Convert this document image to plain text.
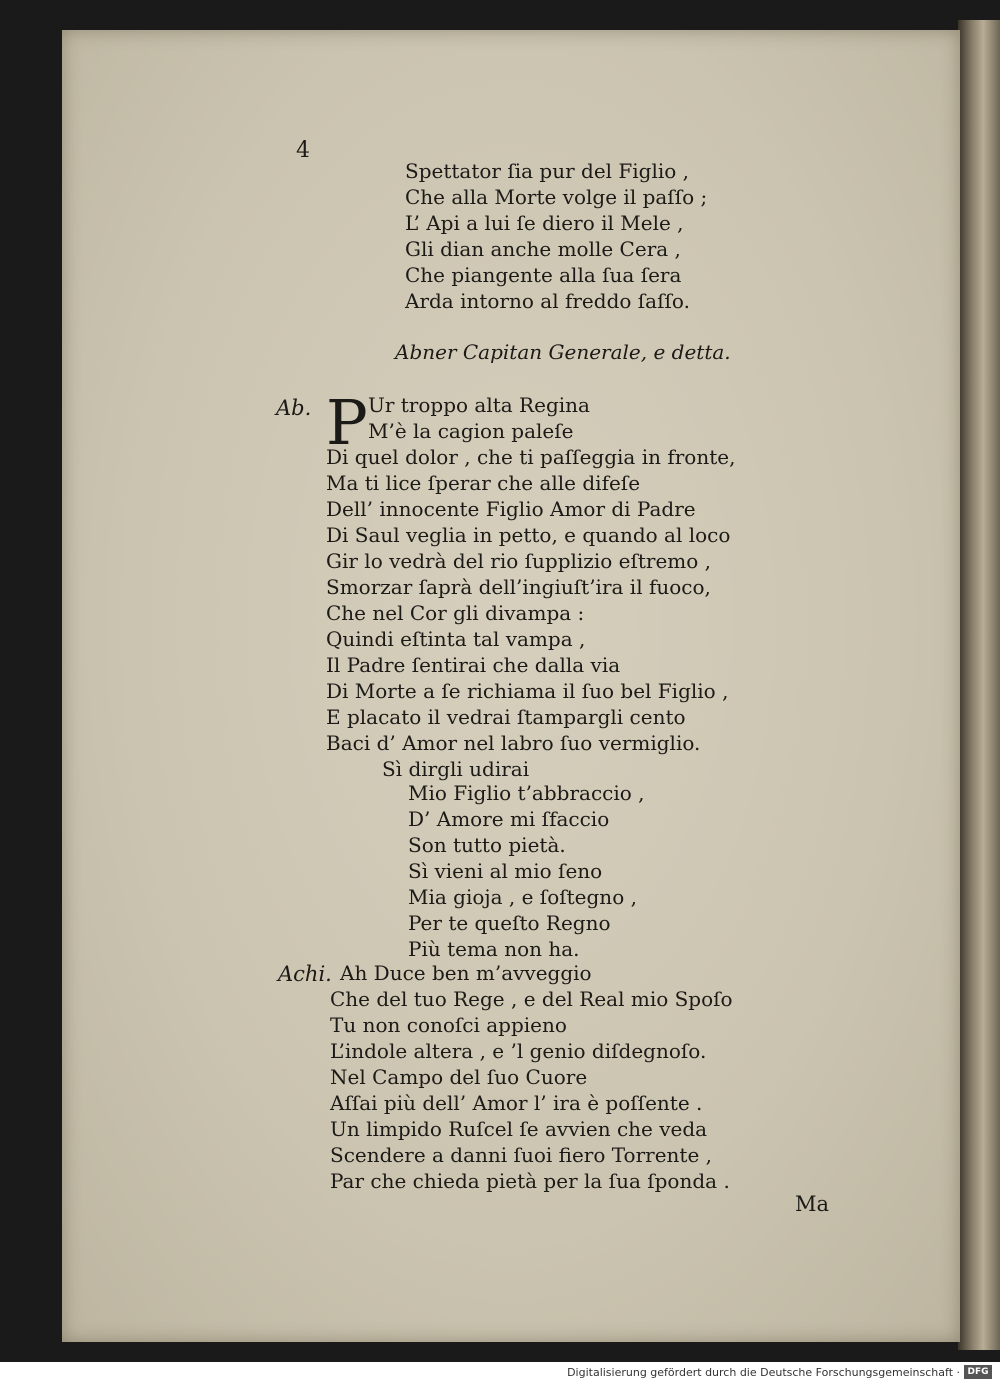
4
Spettator ſia pur del Figlio ,
Che alla Morte volge il paſſo ;
L’ Api a lui ſe diero il Mele ,
Gli dian anche molle Cera ,
Che piangente alla ſua ſera
Arda intorno al freddo ſaſſo.
Abner Capitan Generale, e detta.
Ab. P Ur troppo alta Regina
M’è la cagion paleſe
Di quel dolor , che ti paſſeggia in fronte,
Ma ti lice ſperar che alle difeſe
Dell’ innocente Figlio Amor di Padre
Di Saul veglia in petto, e quando al loco
Gir lo vedrà del rio ſupplizio eſtremo ,
Smorzar ſaprà dell’ingiuſt’ira il fuoco,
Che nel Cor gli divampa :
Quindi eſtinta tal vampa ,
Il Padre ſentirai che dalla via
Di Morte a ſe richiama il ſuo bel Figlio ,
E placato il vedrai ſtampargli cento
Baci d’ Amor nel labro ſuo vermiglio.
Sì dirgli udirai
Mio Figlio t’abbraccio ,
D’ Amore mi ſfaccio
Son tutto pietà.
Sì vieni al mio ſeno
Mia gioja , e ſoſtegno ,
Per te queſto Regno
Più tema non ha.
Achi. Ah Duce ben m’avveggio
Che del tuo Rege , e del Real mio Spoſo
Tu non conoſci appieno
L’indole altera , e ’l genio diſdegnoſo.
Nel Campo del ſuo Cuore
Aſſai più dell’ Amor l’ ira è poſſente .
Un limpido Ruſcel ſe avvien che veda
Scendere a danni ſuoi fiero Torrente ,
Par che chieda pietà per la ſua ſponda .
Ma
Digitalisierung gefördert durch die Deutsche Forschungsgemeinschaft · DFG
